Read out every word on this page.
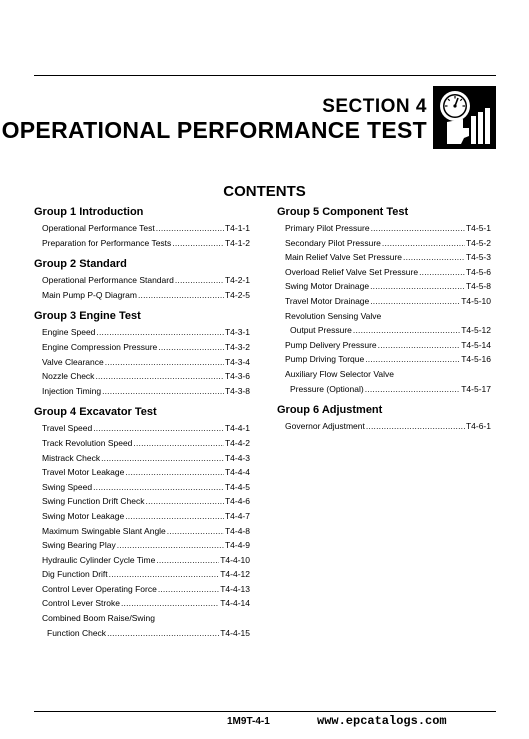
SECTION 4
OPERATIONAL PERFORMANCE TEST
CONTENTS
Group 1 Introduction
Operational Performance Test .....	T4-1-1
Preparation for Performance Tests .....	T4-1-2
Group 2 Standard
Operational Performance Standard .....	T4-2-1
Main Pump P-Q Diagram .....	T4-2-5
Group 3 Engine Test
Engine Speed .....	T4-3-1
Engine Compression Pressure .....	T4-3-2
Valve Clearance .....	T4-3-4
Nozzle Check .....	T4-3-6
Injection Timing .....	T4-3-8
Group 4 Excavator Test
Travel Speed .....	T4-4-1
Track Revolution Speed .....	T4-4-2
Mistrack Check .....	T4-4-3
Travel Motor Leakage .....	T4-4-4
Swing Speed .....	T4-4-5
Swing Function Drift Check .....	T4-4-6
Swing Motor Leakage .....	T4-4-7
Maximum Swingable Slant Angle .....	T4-4-8
Swing Bearing Play .....	T4-4-9
Hydraulic Cylinder Cycle Time .....	T4-4-10
Dig Function Drift .....	T4-4-12
Control Lever Operating Force .....	T4-4-13
Control Lever Stroke .....	T4-4-14
Combined Boom Raise/Swing
Function Check .....	T4-4-15
Group 5 Component Test
Primary Pilot Pressure .....	T4-5-1
Secondary Pilot Pressure .....	T4-5-2
Main Relief Valve Set Pressure .....	T4-5-3
Overload Relief Valve Set Pressure .....	T4-5-6
Swing Motor Drainage .....	T4-5-8
Travel Motor Drainage .....	T4-5-10
Revolution Sensing Valve
Output Pressure .....	T4-5-12
Pump Delivery Pressure .....	T4-5-14
Pump Driving Torque .....	T4-5-16
Auxiliary Flow Selector Valve
Pressure (Optional) .....	T4-5-17
Group 6 Adjustment
Governor Adjustment .....	T4-6-1
1M9T-4-1	www.epcatalogs.com
